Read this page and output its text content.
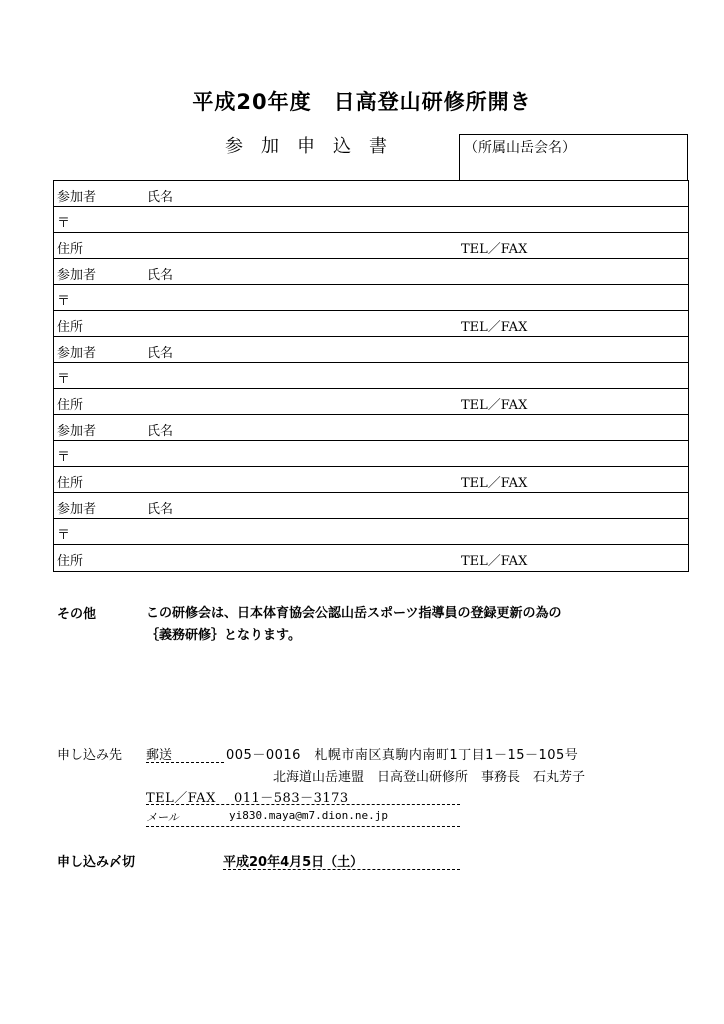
平成20年度　日高登山研修所開き
参加申込書	（所属山岳会名）
参加者	氏名
〒
住所	TEL／FAX
参加者	氏名
〒
住所	TEL／FAX
参加者	氏名
〒
住所	TEL／FAX
参加者	氏名
〒
住所	TEL／FAX
参加者	氏名
〒
住所	TEL／FAX
その他	この研修会は、日本体育協会公認山岳スポーツ指導員の登録更新の為の
｛義務研修｝となります。
申し込み先 郵送	005－0016　札幌市南区真駒内南町1丁目1－15－105号
北海道山岳連盟　日高登山研修所　事務長　石丸芳子
TEL／FAX　 011－583－3173
メール	yi830.maya@m7.dion.ne.jp
申し込み〆切	平成20年4月5日（土）
